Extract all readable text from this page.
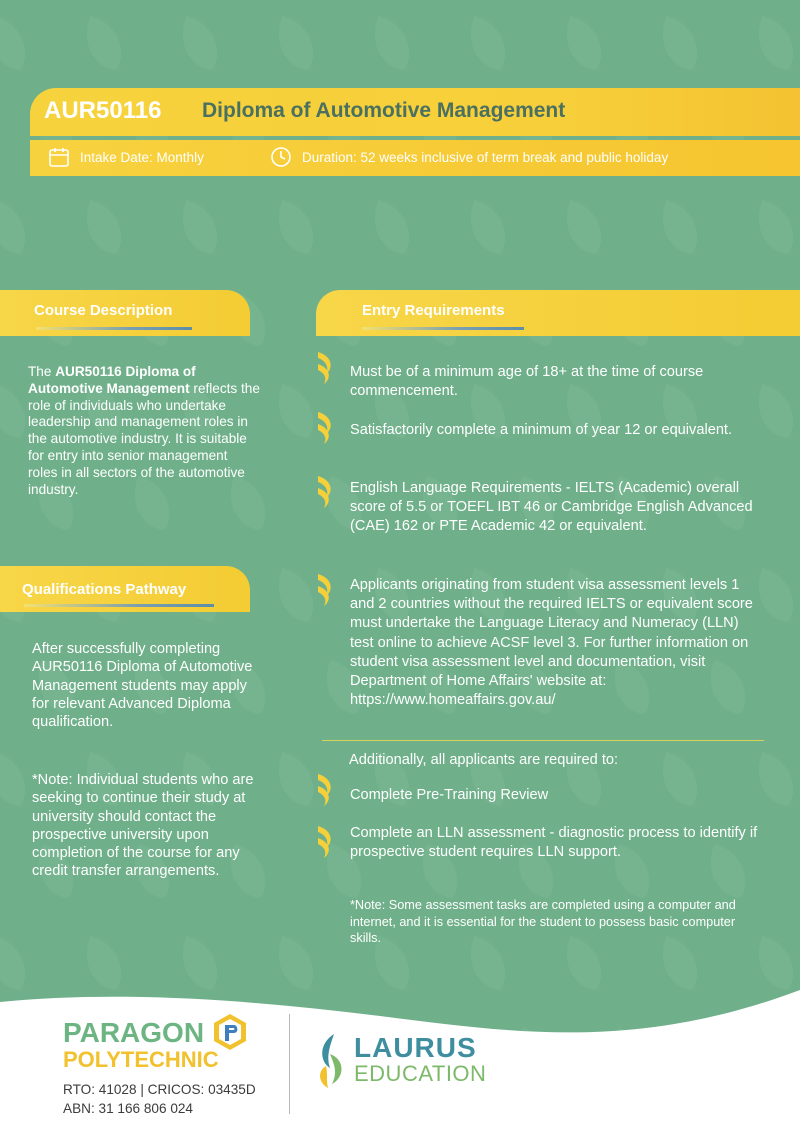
AUR50116 Diploma of Automotive Management
Intake Date: Monthly	Duration: 52 weeks inclusive of term break and public holiday
Course Description
The AUR50116 Diploma of Automotive Management reflects the role of individuals who undertake leadership and management roles in the automotive industry. It is suitable for entry into senior management roles in all sectors of the automotive industry.
Qualifications Pathway
After successfully completing AUR50116 Diploma of Automotive Management students may apply for relevant Advanced Diploma qualification.
*Note: Individual students who are seeking to continue their study at university should contact the prospective university upon completion of the course for any credit transfer arrangements.
Entry Requirements
Must be of a minimum age of 18+ at the time of course commencement.
Satisfactorily complete a minimum of year 12 or equivalent.
English Language Requirements - IELTS (Academic) overall score of 5.5 or TOEFL IBT 46 or Cambridge English Advanced (CAE) 162 or PTE Academic 42 or equivalent.
Applicants originating from student visa assessment levels 1 and 2 countries without the required IELTS or equivalent score must undertake the Language Literacy and Numeracy (LLN) test online to achieve ACSF level 3. For further information on student visa assessment level and documentation, visit Department of Home Affairs' website at: https://www.homeaffairs.gov.au/
Additionally, all applicants are required to:
Complete Pre-Training Review
Complete an LLN assessment - diagnostic process to identify if prospective student requires LLN support.
*Note: Some assessment tasks are completed using a computer and internet, and it is essential for the student to possess basic computer skills.
PARAGON
POLYTECHNIC
RTO: 41028 | CRICOS: 03435D
ABN: 31 166 806 024
LAURUS
EDUCATION
